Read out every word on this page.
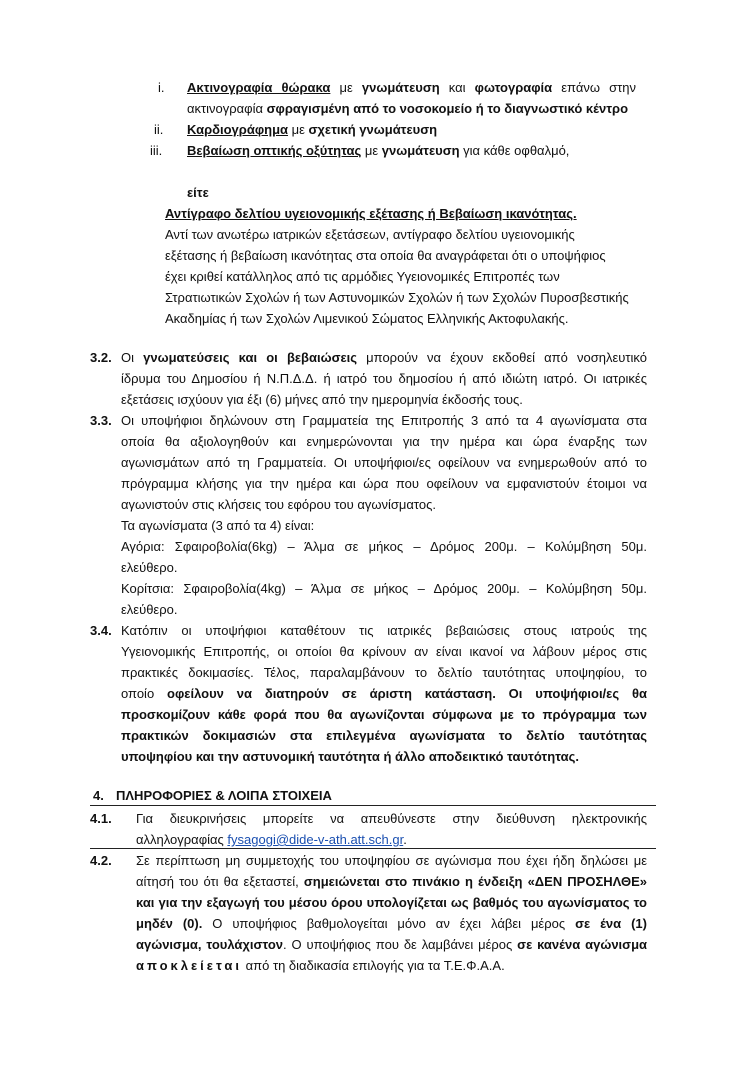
i. Ακτινογραφία θώρακα με γνωμάτευση και φωτογραφία επάνω στην
ακτινογραφία σφραγισμένη από το νοσοκομείο ή το διαγνωστικό κέντρο
ii. Καρδιογράφημα με σχετική γνωμάτευση
iii. Βεβαίωση οπτικής οξύτητας με γνωμάτευση για κάθε οφθαλμό,
είτε
Αντίγραφο δελτίου υγειονομικής εξέτασης ή Βεβαίωση ικανότητας.
Αντί των ανωτέρω ιατρικών εξετάσεων, αντίγραφο δελτίου υγειονομικής
εξέτασης ή βεβαίωση ικανότητας στα οποία θα αναγράφεται ότι ο υποψήφιος
έχει κριθεί κατάλληλος από τις αρμόδιες Υγειονομικές Επιτροπές των
Στρατιωτικών Σχολών ή των Αστυνομικών Σχολών ή των Σχολών Πυροσβεστικής
Ακαδημίας ή των Σχολών Λιμενικού Σώματος Ελληνικής Ακτοφυλακής.
3.2. Οι γνωματεύσεις και οι βεβαιώσεις μπορούν να έχουν εκδοθεί από νοσηλευτικό
ίδρυμα του Δημοσίου ή Ν.Π.Δ.Δ. ή ιατρό του δημοσίου ή από ιδιώτη ιατρό. Οι ιατρικές
εξετάσεις ισχύουν για έξι (6) μήνες από την ημερομηνία έκδοσής τους.
3.3. Οι υποψήφιοι δηλώνουν στη Γραμματεία της Επιτροπής 3 από τα 4 αγωνίσματα στα
οποία θα αξιολογηθούν και ενημερώνονται για την ημέρα και ώρα έναρξης των
αγωνισμάτων από τη Γραμματεία. Οι υποψήφιοι/ες οφείλουν να ενημερωθούν από το
πρόγραμμα κλήσης για την ημέρα και ώρα που οφείλουν να εμφανιστούν έτοιμοι να
αγωνιστούν στις κλήσεις του εφόρου του αγωνίσματος.
Τα αγωνίσματα (3 από τα 4) είναι:
Αγόρια: Σφαιροβολία(6kg) – Άλμα σε μήκος – Δρόμος 200μ. – Κολύμβηση 50μ.
ελεύθερο.
Κορίτσια: Σφαιροβολία(4kg) – Άλμα σε μήκος – Δρόμος 200μ. – Κολύμβηση 50μ.
ελεύθερο.
3.4. Κατόπιν οι υποψήφιοι καταθέτουν τις ιατρικές βεβαιώσεις στους ιατρούς της
Υγειονομικής Επιτροπής, οι οποίοι θα κρίνουν αν είναι ικανοί να λάβουν μέρος στις
πρακτικές δοκιμασίες. Τέλος, παραλαμβάνουν το δελτίο ταυτότητας υποψηφίου, το
οποίο οφείλουν να διατηρούν σε άριστη κατάσταση. Οι υποψήφιοι/ες θα
προσκομίζουν κάθε φορά που θα αγωνίζονται σύμφωνα με το πρόγραμμα των
πρακτικών δοκιμασιών στα επιλεγμένα αγωνίσματα το δελτίο ταυτότητας
υποψηφίου και την αστυνομική ταυτότητα ή άλλο αποδεικτικό ταυτότητας.
4. ΠΛΗΡΟΦΟΡΙΕΣ & ΛΟΙΠΑ ΣΤΟΙΧΕΙΑ
4.1. Για διευκρινήσεις μπορείτε να απευθύνεστε στην διεύθυνση ηλεκτρονικής
αλληλογραφίας fysagogi@dide-v-ath.att.sch.gr.
4.2. Σε περίπτωση μη συμμετοχής του υποψηφίου σε αγώνισμα που έχει ήδη δηλώσει με
αίτησή του ότι θα εξεταστεί, σημειώνεται στο πινάκιο η ένδειξη «ΔΕΝ ΠΡΟΣΗΛΘΕ»
και για την εξαγωγή του μέσου όρου υπολογίζεται ως βαθμός του αγωνίσματος το
μηδέν (0). Ο υποψήφιος βαθμολογείται μόνο αν έχει λάβει μέρος σε ένα (1)
αγώνισμα, τουλάχιστον. Ο υποψήφιος που δε λαμβάνει μέρος σε κανένα αγώνισμα
αποκλείεται από τη διαδικασία επιλογής για τα Τ.Ε.Φ.Α.Α.
